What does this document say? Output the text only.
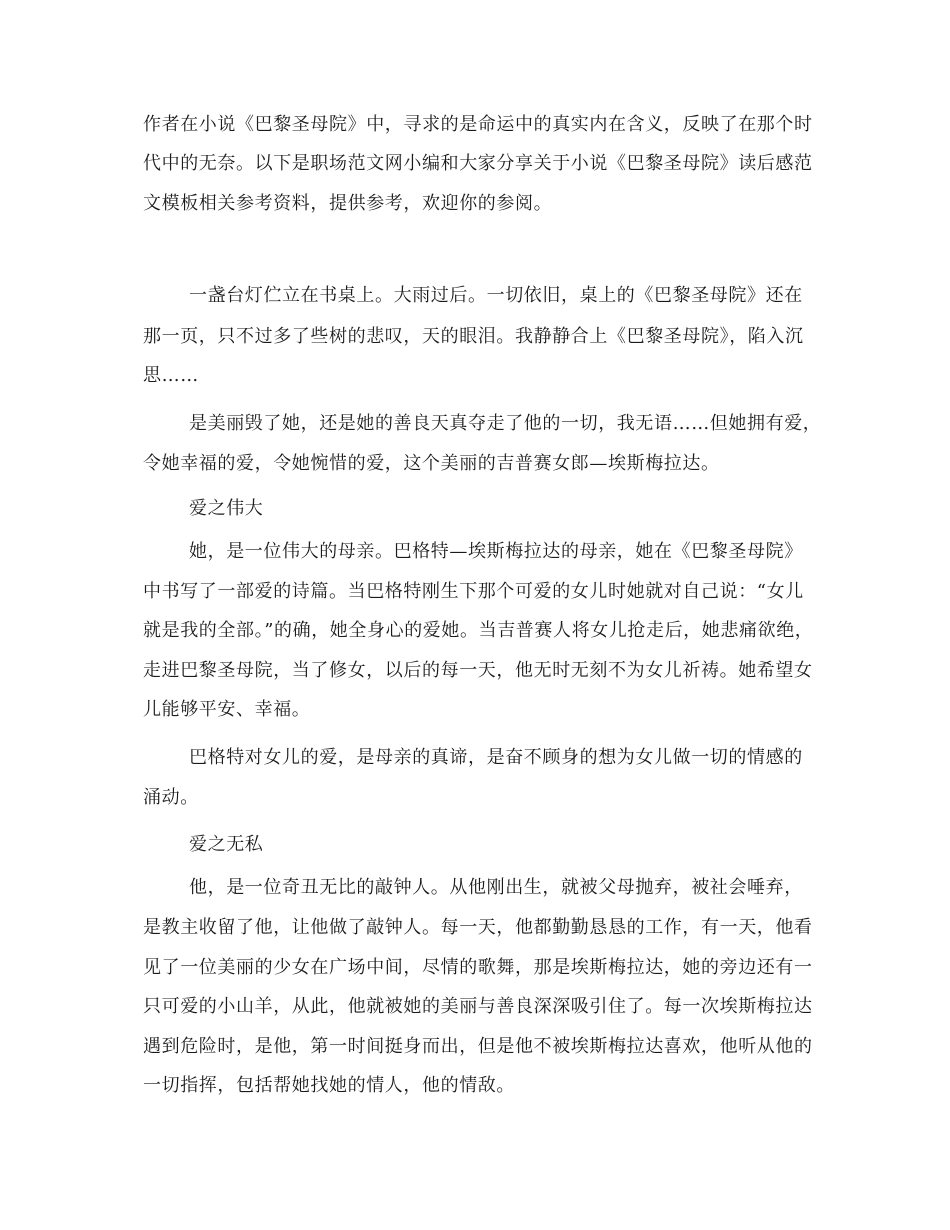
作者在小说《巴黎圣母院》中，寻求的是命运中的真实内在含义，反映了在那个时
代中的无奈。以下是职场范文网小编和大家分享关于小说《巴黎圣母院》读后感范
文模板相关参考资料，提供参考，欢迎你的参阅。
一盏台灯伫立在书桌上。大雨过后。一切依旧，桌上的《巴黎圣母院》还在
那一页，只不过多了些树的悲叹，天的眼泪。我静静合上《巴黎圣母院》，陷入沉
思……
是美丽毁了她，还是她的善良天真夺走了他的一切，我无语……但她拥有爱，
令她幸福的爱，令她惋惜的爱，这个美丽的吉普赛女郎—埃斯梅拉达。
爱之伟大
她，是一位伟大的母亲。巴格特—埃斯梅拉达的母亲，她在《巴黎圣母院》
中书写了一部爱的诗篇。当巴格特刚生下那个可爱的女儿时她就对自己说：“女儿
就是我的全部。”的确，她全身心的爱她。当吉普赛人将女儿抢走后，她悲痛欲绝，
走进巴黎圣母院，当了修女，以后的每一天，他无时无刻不为女儿祈祷。她希望女
儿能够平安、幸福。
巴格特对女儿的爱，是母亲的真谛，是奋不顾身的想为女儿做一切的情感的
涌动。
爱之无私
他，是一位奇丑无比的敲钟人。从他刚出生，就被父母抛弃，被社会唾弃，
是教主收留了他，让他做了敲钟人。每一天，他都勤勤恳恳的工作，有一天，他看
见了一位美丽的少女在广场中间，尽情的歌舞，那是埃斯梅拉达，她的旁边还有一
只可爱的小山羊，从此，他就被她的美丽与善良深深吸引住了。每一次埃斯梅拉达
遇到危险时，是他，第一时间挺身而出，但是他不被埃斯梅拉达喜欢，他听从他的
一切指挥，包括帮她找她的情人，他的情敌。
